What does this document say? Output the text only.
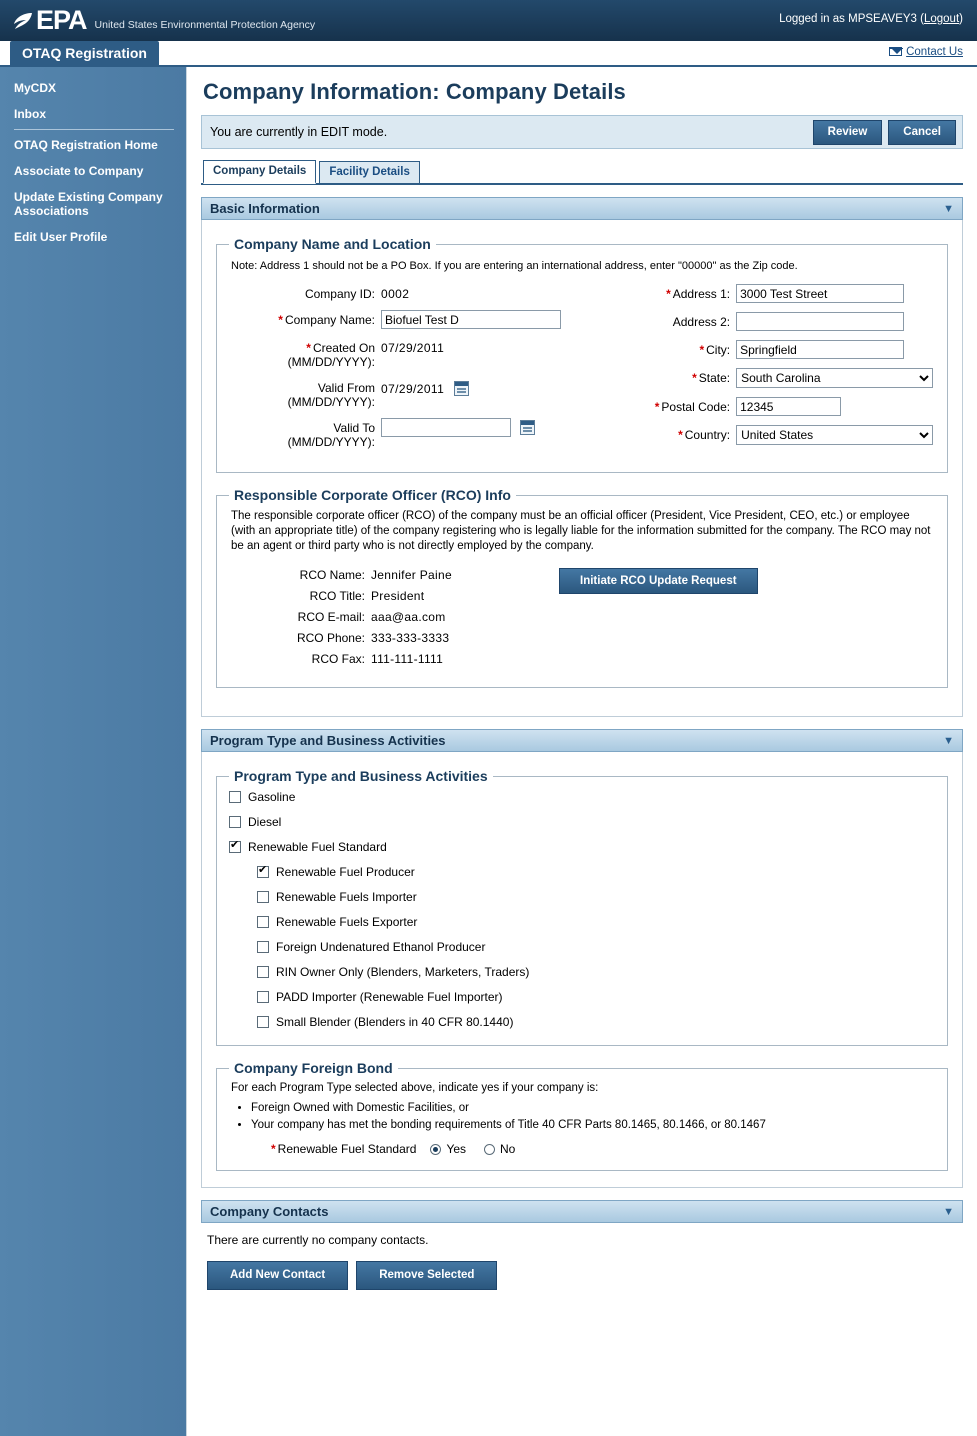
EPA United States Environmental Protection Agency	Logged in as MPSEAVEY3 (Logout)
OTAQ Registration	Contact Us
MyCDX
Inbox
OTAQ Registration Home
Associate to Company
Update Existing Company Associations
Edit User Profile
Company Information: Company Details
You are currently in EDIT mode.	Review	Cancel
Company Details	Facility Details
Basic Information	▼
Company Name and Location
Note: Address 1 should not be a PO Box. If you are entering an international address, enter "00000" as the Zip code.
Company ID: 0002
* Company Name:
Biofuel Test D
* Created On
(MM/DD/YYYY):
07/29/2011
Valid From
(MM/DD/YYYY):
07/29/2011
Valid To
(MM/DD/YYYY):

* Address 1:
3000 Test Street
Address 2:
* City:
Springfield
* State:
South Carolina
* Postal Code:
12345
* Country:
United States
Responsible Corporate Officer (RCO) Info
The responsible corporate officer (RCO) of the company must be an official officer (President, Vice President, CEO, etc.) or employee (with an appropriate title) of the company registering who is legally liable for the information submitted for the company. The RCO may not be an agent or third party who is not directly employed by the company.
RCO Name: Jennifer Paine
RCO Title: President
RCO E-mail: aaa@aa.com
RCO Phone: 333-333-3333
RCO Fax: 111-111-1111
Initiate RCO Update Request
Program Type and Business Activities	▼
Program Type and Business Activities
Gasoline
Diesel
✔
Renewable Fuel Standard
✔
Renewable Fuel Producer
Renewable Fuels Importer
Renewable Fuels Exporter
Foreign Undenatured Ethanol Producer
RIN Owner Only (Blenders, Marketers, Traders)
PADD Importer (Renewable Fuel Importer)
Small Blender (Blenders in 40 CFR 80.1440)
Company Foreign Bond
For each Program Type selected above, indicate yes if your company is:
• Foreign Owned with Domestic Facilities, or
• Your company has met the bonding requirements of Title 40 CFR Parts 80.1465, 80.1466, or 80.1467
* Renewable Fuel Standard	Yes	No
Company Contacts	▼
There are currently no company contacts.
Add New Contact	Remove Selected
